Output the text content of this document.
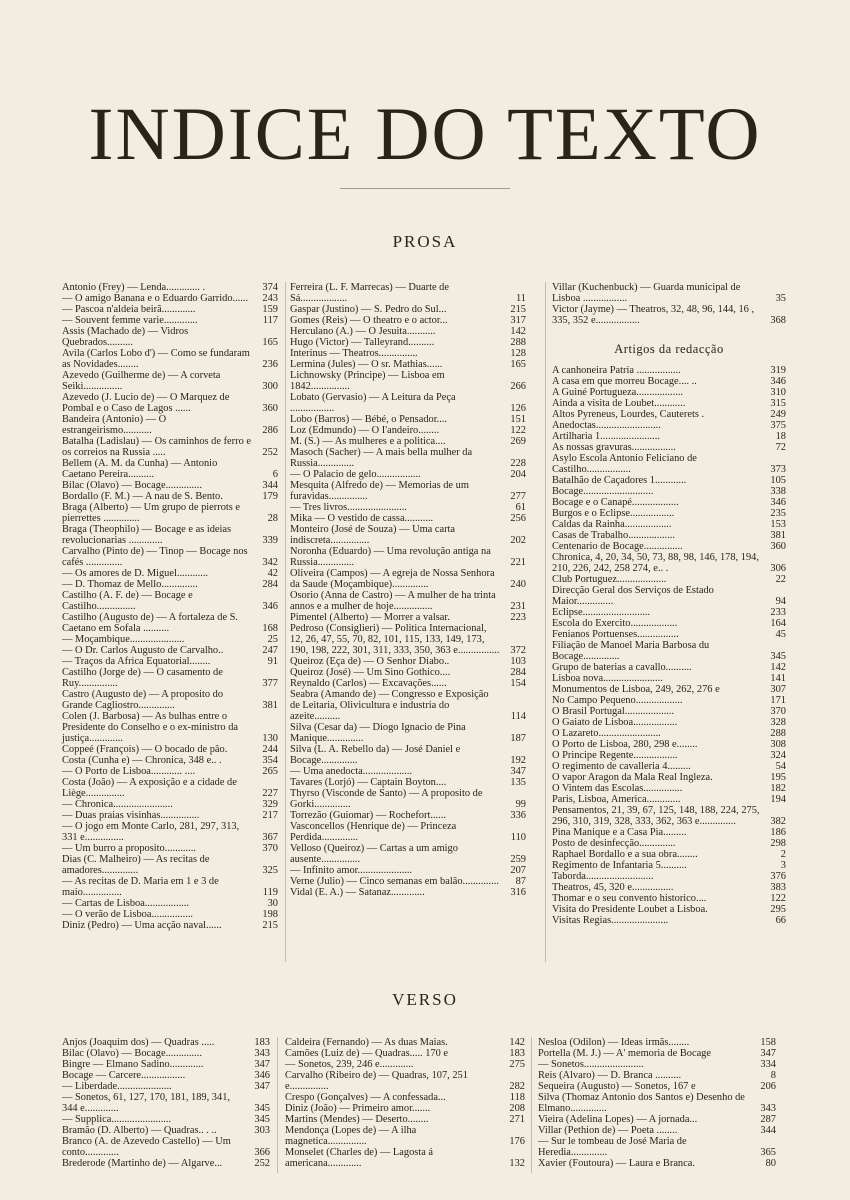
INDICE DO TEXTO
PROSA
Antonio (Frey) — Lenda............. .	374
— O amigo Banana e o Eduardo Garrido......	243
— Pascoa n'aldeia beirã.............	159
— Souvent femme varie.............	117
Assis (Machado de) — Vidros Quebrados..........	165
Avila (Carlos Lobo d') — Como se fundaram as Novidades........	236
Azevedo (Guilherme de) — A corveta Seiki...............	300
Azevedo (J. Lucio de) — O Marquez de Pombal e o Caso de Lagos ......	360
Bandeira (Antonio) — O estrangeirismo...........	286
Batalha (Ladislau) — Os caminhos de ferro e os correios na Russia .....	252
Bellem (A. M. da Cunha) — Antonio Caetano Pereira..........	6
Bilac (Olavo) — Bocage..............	344
Bordallo (F. M.) — A nau de S. Bento.	179
Braga (Alberto) — Um grupo de pierrots e pierrettes ..............	28
Braga (Theophilo) — Bocage e as ideias revolucionarias .............	339
Carvalho (Pinto de) — Tinop — Bocage nos cafés ..............	342
— Os amores de D. Miguel............	42
— D. Thomaz de Mello..............	284
Castilho (A. F. de) — Bocage e Castilho...............	346
Castilho (Augusto de) — A fortaleza de S. Caetano em Sofala ..........	168
— Moçambique.....................	25
— O Dr. Carlos Augusto de Carvalho..	247
— Traços da Africa Equatorial........	91
Castilho (Jorge de) — O casamento de Ruy...............	377
Castro (Augusto de) — A proposito do Grande Cagliostro..............	381
Colen (J. Barbosa) — As bulhas entre o Presidente do Conselho e o ex-ministro da justiça.............	130
Coppeé (François) — O bocado de pão.	244
Costa (Cunha e) — Chronica, 348 e.. .	354
— O Porto de Lisboa............ ....	265
Costa (João) — A exposição e a cidade de Liège...............	227
— Chronica.......................	329
— Duas praias visinhas...............	217
— O jogo em Monte Carlo, 281, 297, 313, 331 e...............	367
— Um burro a proposito............	370
Dias (C. Malheiro) — As recitas de amadores..............	325
— As recitas de D. Maria em 1 e 3 de maio...............	119
— Cartas de Lisboa.................	30
— O verão de Lisboa................	198
Diniz (Pedro) — Uma acção naval......	215
Ferreira (L. F. Marrecas) — Duarte de Sá..................	11
Gaspar (Justino) — S. Pedro do Sul...	215
Gomes (Reis) — O theatro e o actor...	317
Herculano (A.) — O Jesuita...........	142
Hugo (Victor) — Talleyrand..........	288
Interinus — Theatros...............	128
Lermina (Jules) — O sr. Mathias......	165
Lichnowsky (Principe) — Lisboa em 1842...............	266
Lobato (Gervasio) — A Leitura da Peça .................	126
Lobo (Barros) — Bébé, o Pensador....	151
Loz (Edmundo) — O I'andeiro........	122
M. (S.) — As mulheres e a politica....	269
Masoch (Sacher) — A mais bella mulher da Russia..............	228
— O Palacio de gelo.................	204
Mesquita (Alfredo de) — Memorias de um furavidas...............	277
— Tres livros.......................	61
Mika — O vestido de cassa...........	256
Monteiro (José de Souza) — Uma carta indiscreta...............	202
Noronha (Eduardo) — Uma revolução antiga na Russia..............	221
Oliveira (Campos) — A egreja de Nossa Senhora da Saude (Moçambique)..............	240
Osorio (Anna de Castro) — A mulher de ha trinta annos e a mulher de hoje...............	231
Pimentel (Alberto) — Morrer a valsar.	223
Pedroso (Consiglieri) — Politica Internacional, 12, 26, 47, 55, 70, 82, 101, 115, 133, 149, 173, 190, 198, 222, 301, 311, 333, 350, 363 e................	372
Queiroz (Eça de) — O Senhor Diabo..	103
Queiroz (José) — Um Sino Gothico....	284
Reynaldo (Carlos) — Excavações......	154
Seabra (Amando de) — Congresso e Exposição de Leitaria, Olivicultura e industria do azeite..........	114
Silva (Cesar da) — Diogo Ignacio de Pina Manique..............	187
Silva (L. A. Rebello da) — José Daniel e Bocage..............	192
— Uma anedocta...................	347
Tavares (Lorjó) — Captain Boyton....	135
Thyrso (Visconde de Santo) — A proposito de Gorki..............	99
Torrezão (Guiomar) — Rochefort......	336
Vasconcellos (Henrique de) — Princeza Perdida..............	110
Velloso (Queiroz) — Cartas a um amigo ausente...............	259
— Infinito amor.....................	207
Verne (Julio) — Cinco semanas em balão..............	87
Vidal (E. A.) — Satanaz.............	316
Villar (Kuchenbuck) — Guarda municipal de Lisboa .................	35
Victor (Jayme) — Theatros, 32, 48, 96, 144, 16 , 335, 352 e.................	368
Artigos da redacção
A canhoneira Patria .................	319
A casa em que morreu Bocage.... ..	346
A Guiné Portugueza..................	310
Ainda a visita de Loubet............	315
Altos Pyreneus, Lourdes, Cauterets .	249
Anedoctas.........................	375
Artilharia 1.......................	18
As nossas gravuras.................	72
Asylo Escola Antonio Feliciano de Castilho.................	373
Batalhão de Caçadores 1............	105
Bocage...........................	338
Bocage e o Canapé..................	346
Burgos e o Eclipse.................	235
Caldas da Rainha..................	153
Casas de Trabalho..................	381
Centenario de Bocage...............	360
Chronica, 4, 20, 34, 50, 73, 88, 98, 146, 178, 194, 210, 226, 242, 258 274, e.. .	306
Club Portuguez...................	22
Direcção Geral dos Serviços de Estado Maior..............	94
Eclipse..........................	233
Escola do Exercito..................	164
Fenianos Portuenses................	45
Filiação de Manoel Maria Barbosa du Bocage..............	345
Grupo de baterias a cavallo..........	142
Lisboa nova.......................	141
Monumentos de Lisboa, 249, 262, 276 e	307
No Campo Pequeno..................	171
O Brasil Portugal...................	370
O Gaiato de Lisboa.................	328
O Lazareto........................	288
O Porto de Lisboa, 280, 298 e........	308
O Principe Regente.................	324
O regimento de cavalleria 4.........	54
O vapor Aragon da Mala Real Ingleza.	195
O Vintem das Escolas...............	182
Paris, Lisboa, America.............	194
Pensamentos, 21, 39, 67, 125, 148, 188, 224, 275, 296, 310, 319, 328, 333, 362, 363 e..............	382
Pina Manique e a Casa Pia.........	186
Posto de desinfecção..............	298
Raphael Bordallo e a sua obra........	2
Regimento de Infantaria 5..........	3
Taborda..........................	376
Theatros, 45, 320 e................	383
Thomar e o seu convento historico....	122
Visita do Presidente Loubet a Lisboa.	295
Visitas Regias......................	66
VERSO
Anjos (Joaquim dos) — Quadras .....	183
Bilac (Olavo) — Bocage..............	343
Bingre — Elmano Sadino.............	347
Bocage — Carcere.................	346
— Liberdade.....................	347
— Sonetos, 61, 127, 170, 181, 189, 341, 344 e.............	345
— Supplica.......................	345
Bramão (D. Alberto) — Quadras.. . ..	303
Branco (A. de Azevedo Castello) — Um conto.............	366
Brederode (Martinho de) — Algarve...	252
Caldeira (Fernando) — As duas Maias.	142
Camões (Luiz de) — Quadras..... 170 e	183
— Sonetos, 239, 246 e.............	275
Carvalho (Ribeiro de) — Quadras, 107, 251 e...............	282
Crespo (Gonçalves) — A confessada...	118
Diniz (João) — Primeiro amor.......	208
Martins (Mendes) — Deserto........	271
Mendonça (Lopes de) — A ilha magnetica...............	176
Monselet (Charles de) — Lagosta á americana.............	132
Nesloa (Odilon) — Ideas irmãs........	158
Portella (M. J.) — A' memoria de Bocage	347
— Sonetos.......................	334
Reis (Alvaro) — D. Branca ..........	8
Sequeira (Augusto) — Sonetos, 167 e	206
Silva (Thomaz Antonio dos Santos e) Desenho de Elmano..............	343
Vieira (Adelina Lopes) — A jornada...	287
Villar (Pethion de) — Poeta ........	344
— Sur le tombeau de José Maria de Heredia..............	365
Xavier (Foutoura) — Laura e Branca.	80
